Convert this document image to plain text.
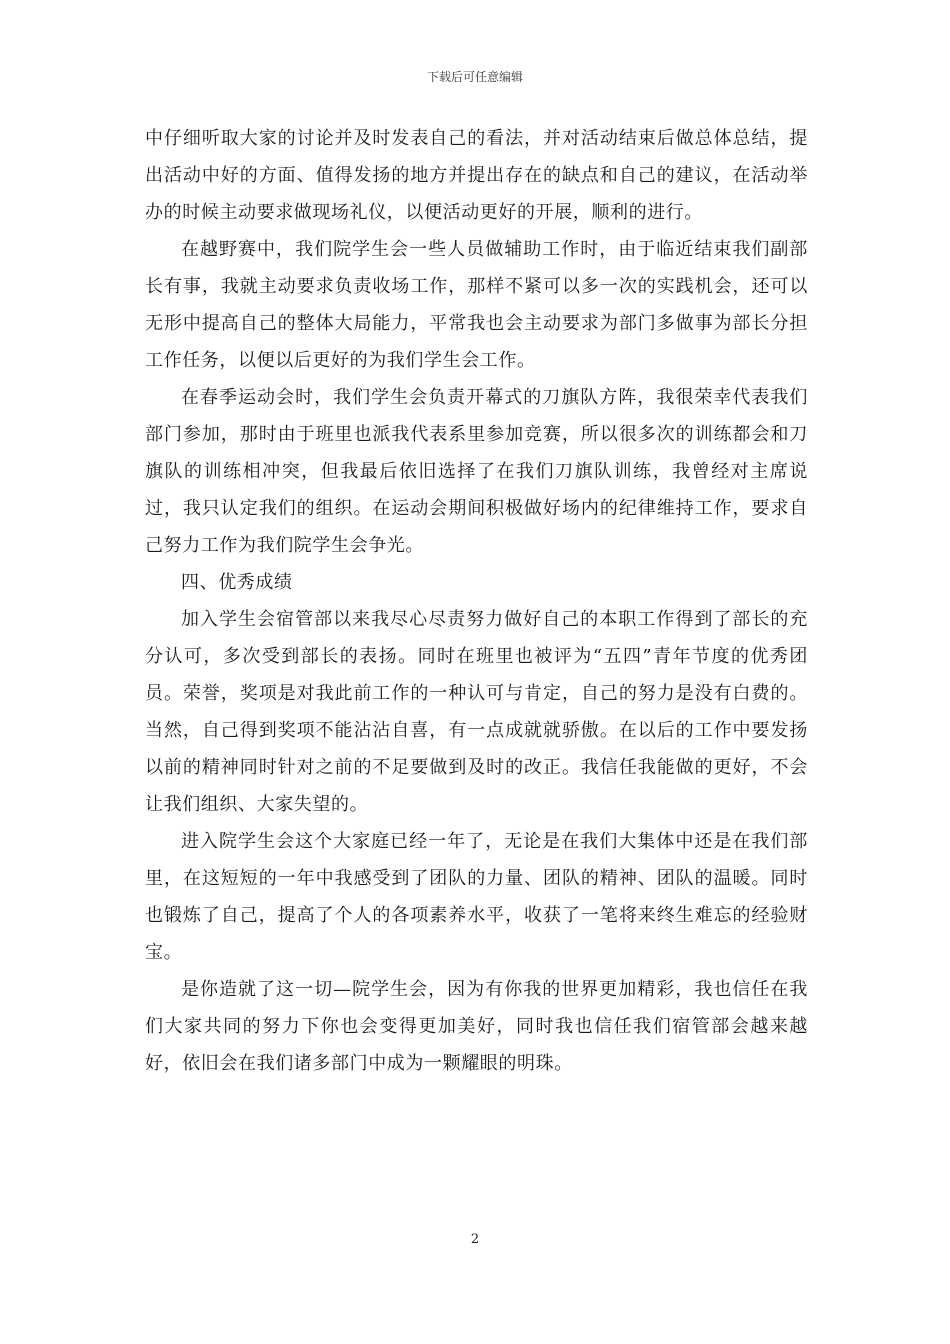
下载后可任意编辑

中仔细听取大家的讨论并及时发表自己的看法，并对活动结束后做总体总结，提出活动中好的方面、值得发扬的地方并提出存在的缺点和自己的建议，在活动举办的时候主动要求做现场礼仪，以便活动更好的开展，顺利的进行。

在越野赛中，我们院学生会一些人员做辅助工作时，由于临近结束我们副部长有事，我就主动要求负责收场工作，那样不紧可以多一次的实践机会，还可以无形中提高自己的整体大局能力，平常我也会主动要求为部门多做事为部长分担工作任务，以便以后更好的为我们学生会工作。

在春季运动会时，我们学生会负责开幕式的刀旗队方阵，我很荣幸代表我们部门参加，那时由于班里也派我代表系里参加竞赛，所以很多次的训练都会和刀旗队的训练相冲突，但我最后依旧选择了在我们刀旗队训练，我曾经对主席说过，我只认定我们的组织。在运动会期间积极做好场内的纪律维持工作，要求自己努力工作为我们院学生会争光。

四、优秀成绩

加入学生会宿管部以来我尽心尽责努力做好自己的本职工作得到了部长的充分认可，多次受到部长的表扬。同时在班里也被评为“五四”青年节度的优秀团员。荣誉，奖项是对我此前工作的一种认可与肯定，自己的努力是没有白费的。当然，自己得到奖项不能沾沾自喜，有一点成就就骄傲。在以后的工作中要发扬以前的精神同时针对之前的不足要做到及时的改正。我信任我能做的更好，不会让我们组织、大家失望的。

进入院学生会这个大家庭已经一年了，无论是在我们大集体中还是在我们部里，在这短短的一年中我感受到了团队的力量、团队的精神、团队的温暖。同时也锻炼了自己，提高了个人的各项素养水平，收获了一笔将来终生难忘的经验财宝。

是你造就了这一切—院学生会，因为有你我的世界更加精彩，我也信任在我们大家共同的努力下你也会变得更加美好，同时我也信任我们宿管部会越来越好，依旧会在我们诸多部门中成为一颗耀眼的明珠。

2
